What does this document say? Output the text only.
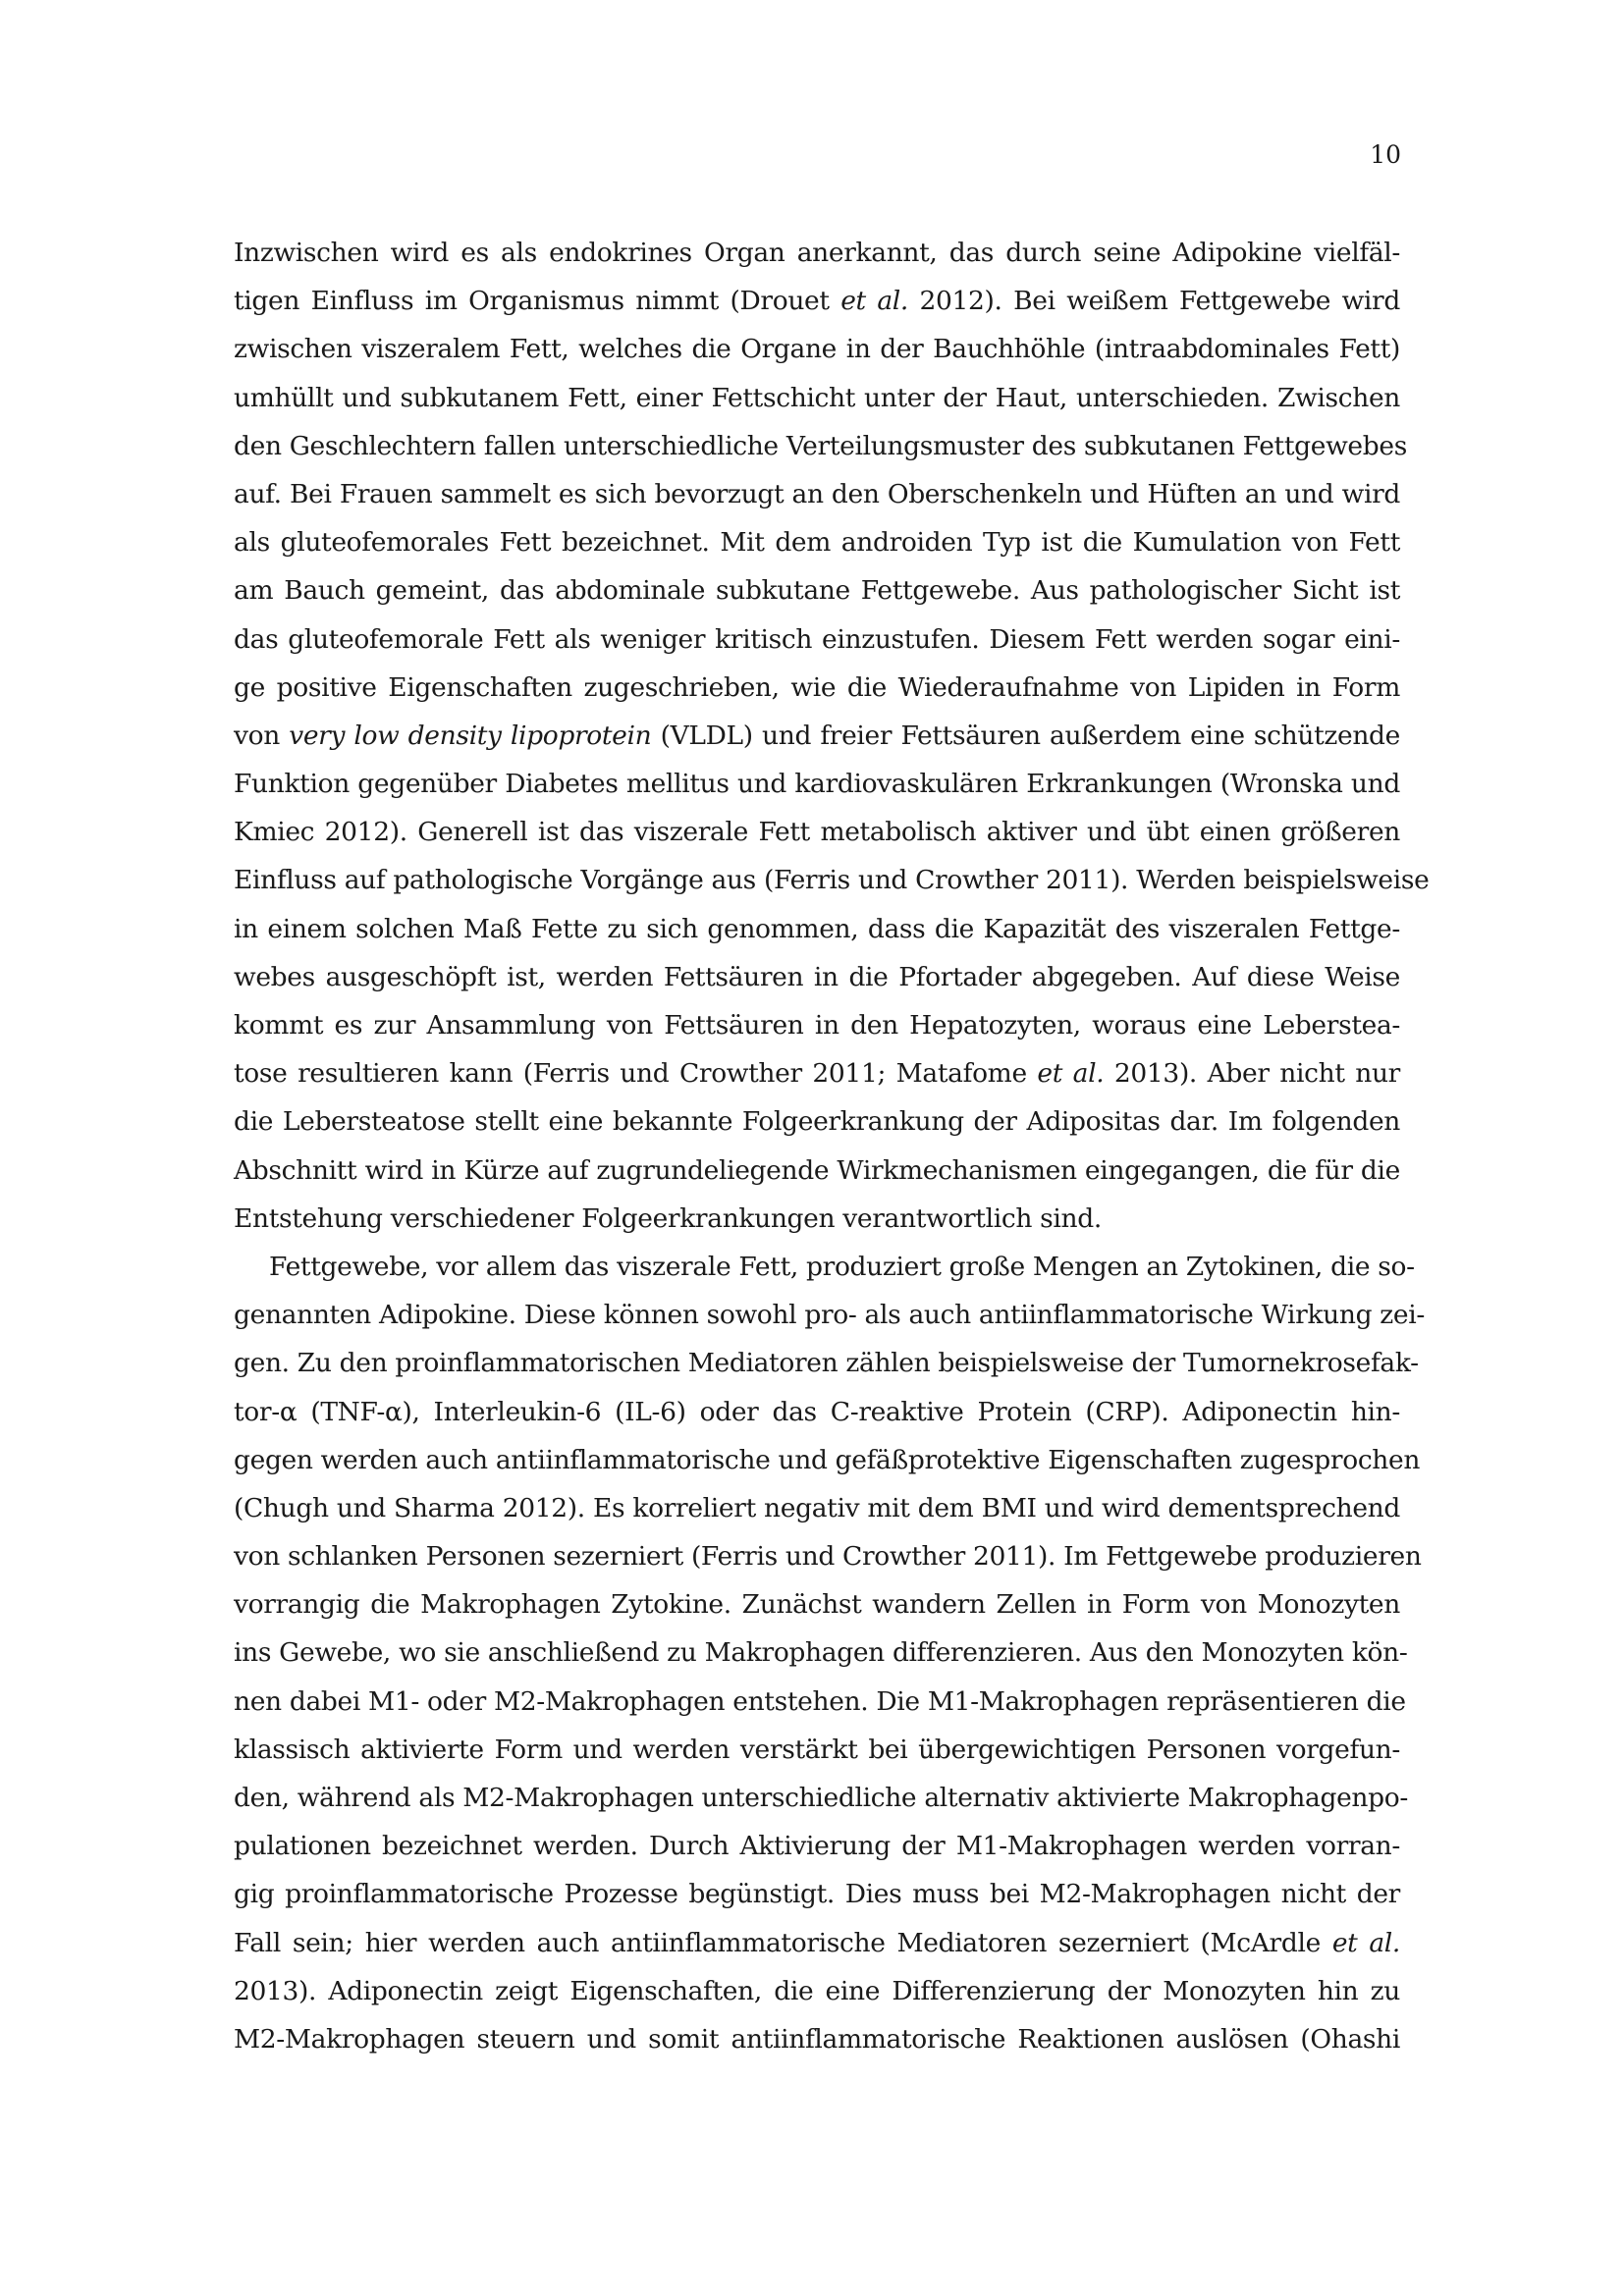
10
Inzwischen wird es als endokrines Organ anerkannt, das durch seine Adipokine vielfäl-
tigen Einfluss im Organismus nimmt (Drouet et al. 2012). Bei weißem Fettgewebe wird
zwischen viszeralem Fett, welches die Organe in der Bauchhöhle (intraabdominales Fett)
umhüllt und subkutanem Fett, einer Fettschicht unter der Haut, unterschieden. Zwischen
den Geschlechtern fallen unterschiedliche Verteilungsmuster des subkutanen Fettgewebes
auf. Bei Frauen sammelt es sich bevorzugt an den Oberschenkeln und Hüften an und wird
als gluteofemorales Fett bezeichnet. Mit dem androiden Typ ist die Kumulation von Fett
am Bauch gemeint, das abdominale subkutane Fettgewebe. Aus pathologischer Sicht ist
das gluteofemorale Fett als weniger kritisch einzustufen. Diesem Fett werden sogar eini-
ge positive Eigenschaften zugeschrieben, wie die Wiederaufnahme von Lipiden in Form
von very low density lipoprotein (VLDL) und freier Fettsäuren außerdem eine schützende
Funktion gegenüber Diabetes mellitus und kardiovaskulären Erkrankungen (Wronska und
Kmiec 2012). Generell ist das viszerale Fett metabolisch aktiver und übt einen größeren
Einfluss auf pathologische Vorgänge aus (Ferris und Crowther 2011). Werden beispielsweise
in einem solchen Maß Fette zu sich genommen, dass die Kapazität des viszeralen Fettge-
webes ausgeschöpft ist, werden Fettsäuren in die Pfortader abgegeben. Auf diese Weise
kommt es zur Ansammlung von Fettsäuren in den Hepatozyten, woraus eine Leberstea-
tose resultieren kann (Ferris und Crowther 2011; Matafome et al. 2013). Aber nicht nur
die Lebersteatose stellt eine bekannte Folgeerkrankung der Adipositas dar. Im folgenden
Abschnitt wird in Kürze auf zugrundeliegende Wirkmechanismen eingegangen, die für die
Entstehung verschiedener Folgeerkrankungen verantwortlich sind.
Fettgewebe, vor allem das viszerale Fett, produziert große Mengen an Zytokinen, die so-
genannten Adipokine. Diese können sowohl pro- als auch antiinflammatorische Wirkung zei-
gen. Zu den proinflammatorischen Mediatoren zählen beispielsweise der Tumornekrosefak-
tor-α (TNF-α), Interleukin-6 (IL-6) oder das C-reaktive Protein (CRP). Adiponectin hin-
gegen werden auch antiinflammatorische und gefäßprotektive Eigenschaften zugesprochen
(Chugh und Sharma 2012). Es korreliert negativ mit dem BMI und wird dementsprechend
von schlanken Personen sezerniert (Ferris und Crowther 2011). Im Fettgewebe produzieren
vorrangig die Makrophagen Zytokine. Zunächst wandern Zellen in Form von Monozyten
ins Gewebe, wo sie anschließend zu Makrophagen differenzieren. Aus den Monozyten kön-
nen dabei M1- oder M2-Makrophagen entstehen. Die M1-Makrophagen repräsentieren die
klassisch aktivierte Form und werden verstärkt bei übergewichtigen Personen vorgefun-
den, während als M2-Makrophagen unterschiedliche alternativ aktivierte Makrophagenpo-
pulationen bezeichnet werden. Durch Aktivierung der M1-Makrophagen werden vorran-
gig proinflammatorische Prozesse begünstigt. Dies muss bei M2-Makrophagen nicht der
Fall sein; hier werden auch antiinflammatorische Mediatoren sezerniert (McArdle et al.
2013). Adiponectin zeigt Eigenschaften, die eine Differenzierung der Monozyten hin zu
M2-Makrophagen steuern und somit antiinflammatorische Reaktionen auslösen (Ohashi
